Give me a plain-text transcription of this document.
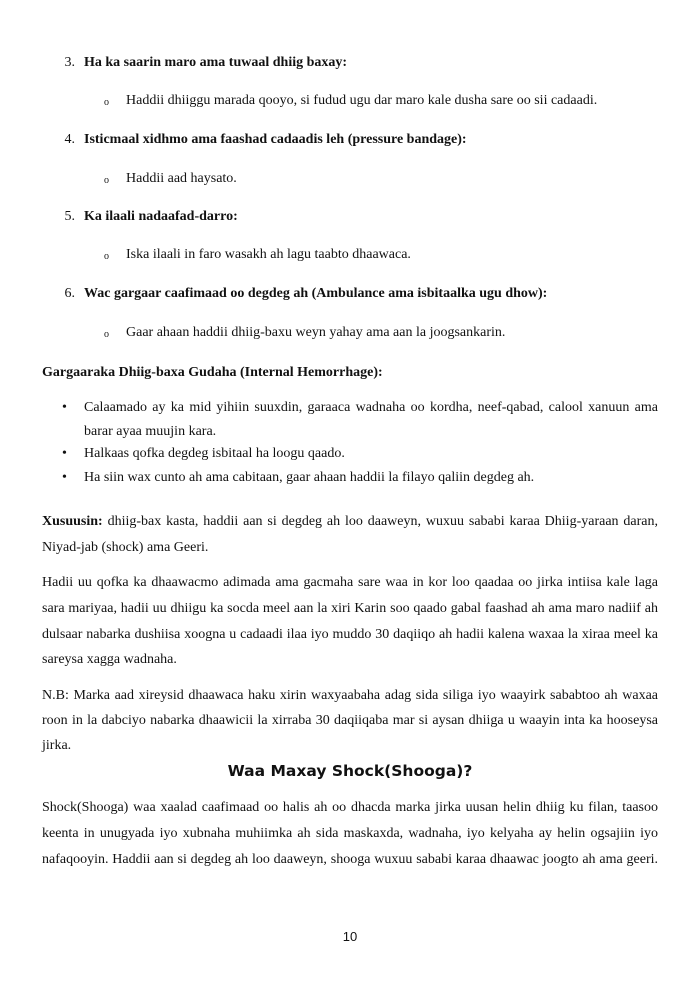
3. Ha ka saarin maro ama tuwaal dhiig baxay:
o Haddii dhiiggu marada qooyo, si fudud ugu dar maro kale dusha sare oo sii cadaadi.
4. Isticmaal xidhmo ama faashad cadaadis leh (pressure bandage):
o Haddii aad haysato.
5. Ka ilaali nadaafad-darro:
o Iska ilaali in faro wasakh ah lagu taabto dhaawaca.
6. Wac gargaar caafimaad oo degdeg ah (Ambulance ama isbitaalka ugu dhow):
o Gaar ahaan haddii dhiig-baxu weyn yahay ama aan la joogsankarin.
Gargaaraka Dhiig-baxa Gudaha (Internal Hemorrhage):
• Calaamado ay ka mid yihiin suuxdin, garaaca wadnaha oo kordha, neef-qabad, calool xanuun ama
barar ayaa muujin kara.
• Halkaas qofka degdeg isbitaal ha loogu qaado.
• Ha siin wax cunto ah ama cabitaan, gaar ahaan haddii la filayo qaliin degdeg ah.
Xusuusin: dhiig-bax kasta, haddii aan si degdeg ah loo daaweyn, wuxuu sababi karaa Dhiig-yaraan daran,
Niyad-jab (shock) ama Geeri.
Hadii uu qofka ka dhaawacmo adimada ama gacmaha sare waa in kor loo qaadaa oo jirka intiisa kale laga
sara mariyaa, hadii uu dhiigu ka socda meel aan la xiri Karin soo qaado gabal faashad ah ama maro nadiif ah
dulsaar nabarka dushiisa xoogna u cadaadi ilaa iyo muddo 30 daqiiqo ah hadii kalena waxaa la xiraa meel ka
sareysa xagga wadnaha.
N.B: Marka aad xireysid dhaawaca haku xirin waxyaabaha adag sida siliga iyo waayirk sababtoo ah waxaa
roon in la dabciyo nabarka dhaawicii la xirraba 30 daqiiqaba mar si aysan dhiiga u waayin inta ka hooseysa
jirka.
Waa Maxay Shock(Shooga)?
Shock(Shooga) waa xaalad caafimaad oo halis ah oo dhacda marka jirka uusan helin dhiig ku filan, taasoo
keenta in unugyada iyo xubnaha muhiimka ah sida maskaxda, wadnaha, iyo kelyaha ay helin ogsajiin iyo
nafaqooyin. Haddii aan si degdeg ah loo daaweyn, shooga wuxuu sababi karaa dhaawac joogto ah ama geeri.
10
